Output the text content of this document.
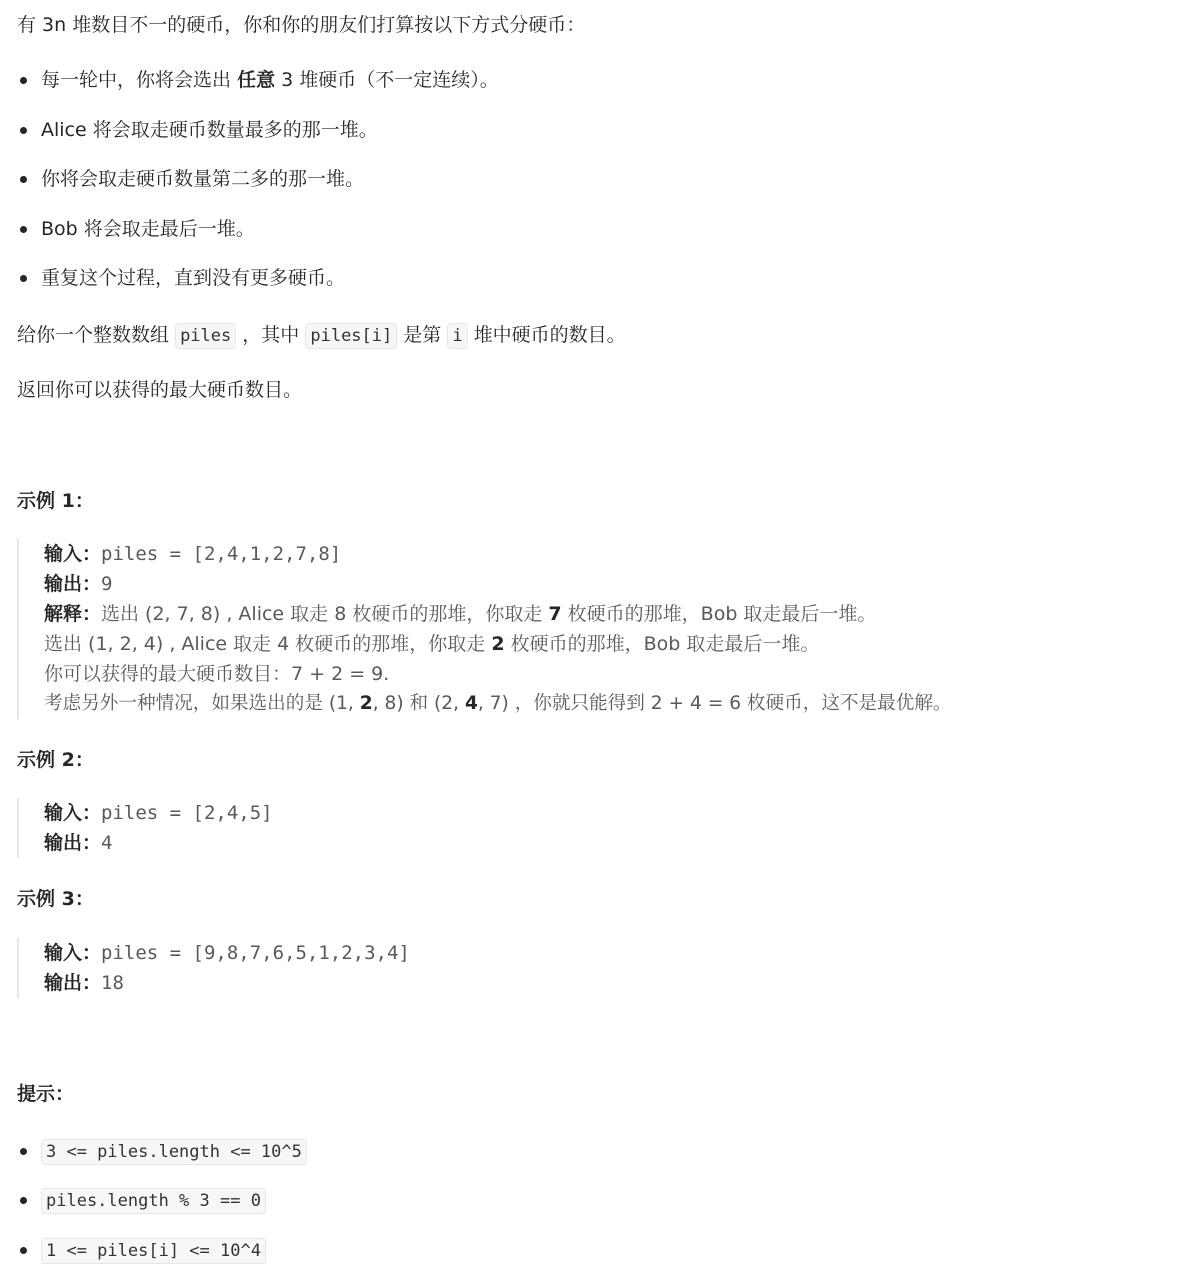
有 3n 堆数目不一的硬币，你和你的朋友们打算按以下方式分硬币：
每一轮中，你将会选出 任意 3 堆硬币（不一定连续）。
Alice 将会取走硬币数量最多的那一堆。
你将会取走硬币数量第二多的那一堆。
Bob 将会取走最后一堆。
重复这个过程，直到没有更多硬币。
给你一个整数数组 piles ，其中 piles[i] 是第 i 堆中硬币的数目。
返回你可以获得的最大硬币数目。
示例 1：
输入：piles = [2,4,1,2,7,8]
输出：9
解释：选出 (2, 7, 8) , Alice 取走 8 枚硬币的那堆，你取走 7 枚硬币的那堆，Bob 取走最后一堆。
选出 (1, 2, 4) , Alice 取走 4 枚硬币的那堆，你取走 2 枚硬币的那堆，Bob 取走最后一堆。
你可以获得的最大硬币数目：7 + 2 = 9.
考虑另外一种情况，如果选出的是 (1, 2, 8) 和 (2, 4, 7) ，你就只能得到 2 + 4 = 6 枚硬币，这不是最优解。
示例 2：
输入：piles = [2,4,5]
输出：4
示例 3：
输入：piles = [9,8,7,6,5,1,2,3,4]
输出：18
提示：
3 <= piles.length <= 10^5
piles.length % 3 == 0
1 <= piles[i] <= 10^4
